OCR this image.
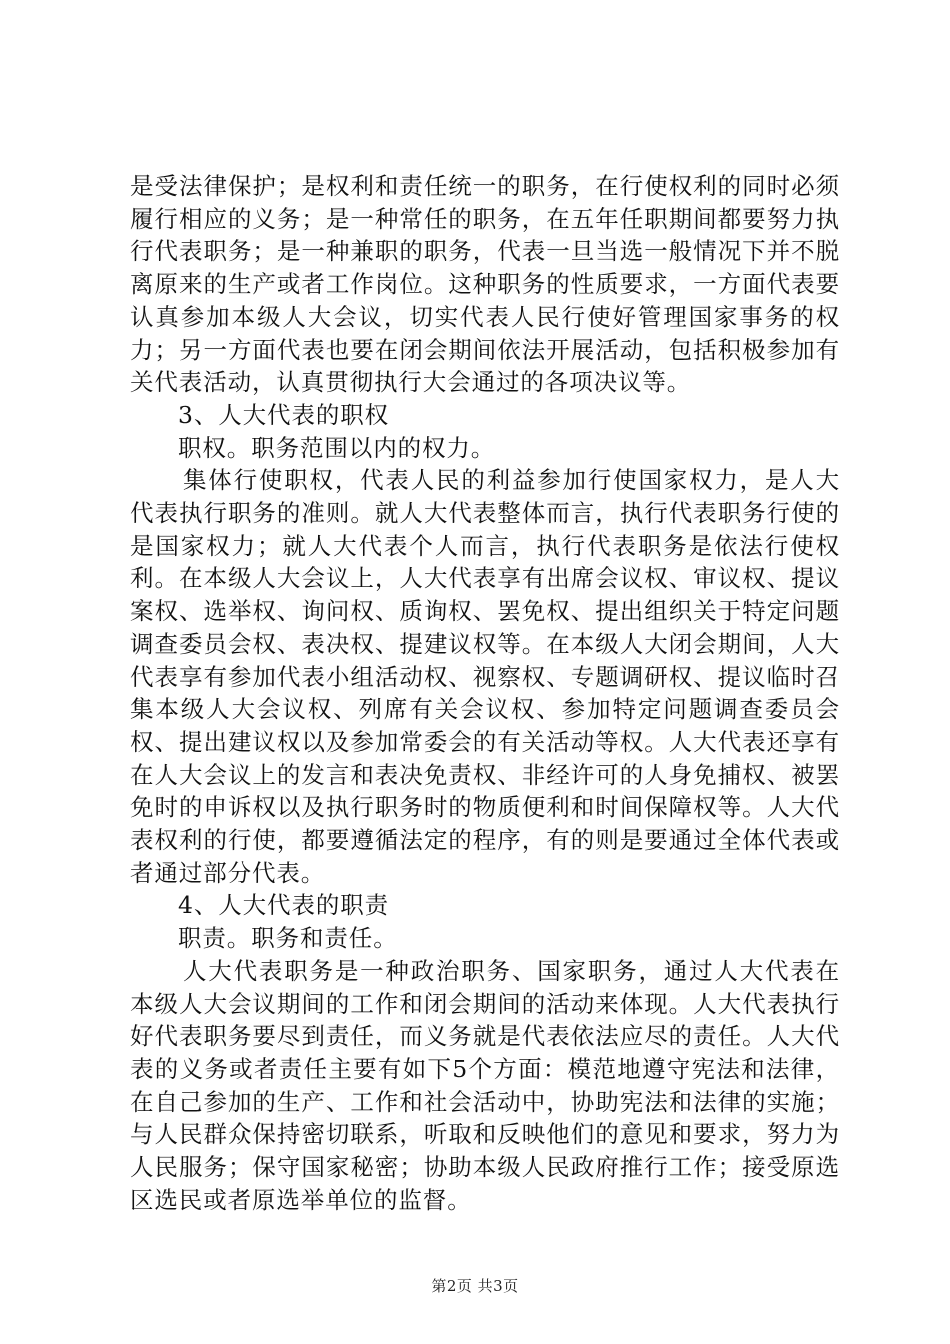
是受法律保护；是权利和责任统一的职务，在行使权利的同时必须履行相应的义务；是一种常任的职务，在五年任职期间都要努力执行代表职务；是一种兼职的职务，代表一旦当选一般情况下并不脱离原来的生产或者工作岗位。这种职务的性质要求，一方面代表要认真参加本级人大会议，切实代表人民行使好管理国家事务的权力；另一方面代表也要在闭会期间依法开展活动，包括积极参加有关代表活动，认真贯彻执行大会通过的各项决议等。

3、人大代表的职权

职权。职务范围以内的权力。

集体行使职权，代表人民的利益参加行使国家权力，是人大代表执行职务的准则。就人大代表整体而言，执行代表职务行使的是国家权力；就人大代表个人而言，执行代表职务是依法行使权利。在本级人大会议上，人大代表享有出席会议权、审议权、提议案权、选举权、询问权、质询权、罢免权、提出组织关于特定问题调查委员会权、表决权、提建议权等。在本级人大闭会期间，人大代表享有参加代表小组活动权、视察权、专题调研权、提议临时召集本级人大会议权、列席有关会议权、参加特定问题调查委员会权、提出建议权以及参加常委会的有关活动等权。人大代表还享有在人大会议上的发言和表决免责权、非经许可的人身免捕权、被罢免时的申诉权以及执行职务时的物质便利和时间保障权等。人大代表权利的行使，都要遵循法定的程序，有的则是要通过全体代表或者通过部分代表。

4、人大代表的职责

职责。职务和责任。

人大代表职务是一种政治职务、国家职务，通过人大代表在本级人大会议期间的工作和闭会期间的活动来体现。人大代表执行好代表职务要尽到责任，而义务就是代表依法应尽的责任。人大代表的义务或者责任主要有如下5个方面：模范地遵守宪法和法律，在自己参加的生产、工作和社会活动中，协助宪法和法律的实施；与人民群众保持密切联系，听取和反映他们的意见和要求，努力为人民服务；保守国家秘密；协助本级人民政府推行工作；接受原选区选民或者原选举单位的监督。

第2页 共3页
